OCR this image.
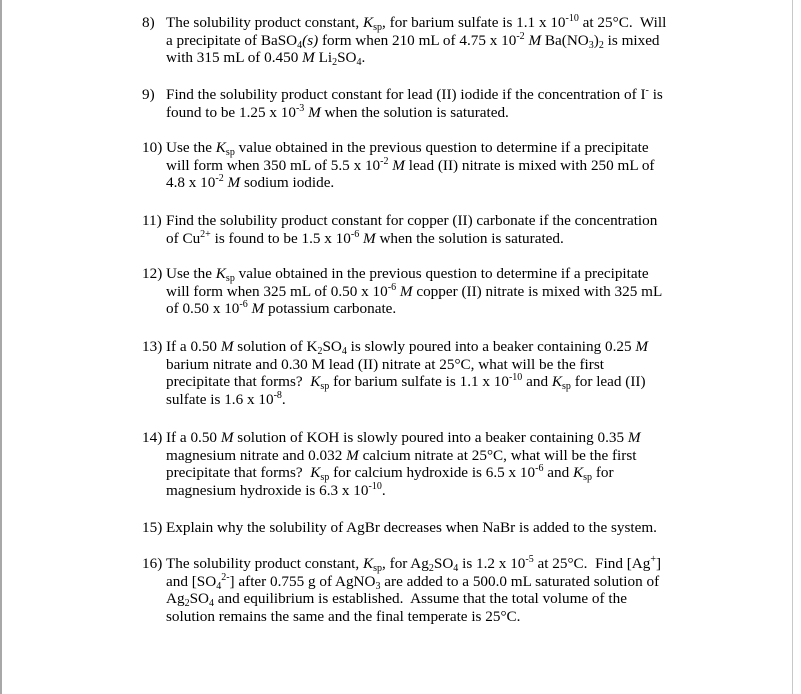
8) The solubility product constant, $K_{sp}$, for barium sulfate is 1.1 x $10^{-10}$ at 25°C.  Will
a precipitate of BaSO$_4$(s) form when 210 mL of 4.75 x $10^{-2}$ M $Ba(NO_3)_2$ is mixed
with 315 mL of 0.450 M $Li_2SO_4$.
9) Find the solubility product constant for lead (II) iodide if the concentration of I- is
found to be 1.25 x $10^{-3}$ M when the solution is saturated.
10) Use the $K_{sp}$ value obtained in the previous question to determine if a precipitate
will form when 350 mL of 5.5 x $10^{-2}$ M lead (II) nitrate is mixed with 250 mL of
4.8 x $10^{-2}$ M sodium iodide.
11) Find the solubility product constant for copper (II) carbonate if the concentration
of $Cu^{2+}$ is found to be 1.5 x $10^{-6}$ M when the solution is saturated.
12) Use the $K_{sp}$ value obtained in the previous question to determine if a precipitate
will form when 325 mL of 0.50 x $10^{-6}$ M copper (II) nitrate is mixed with 325 mL
of 0.50 x $10^{-6}$ M potassium carbonate.
13) If a 0.50 M solution of $K_2SO_4$ is slowly poured into a beaker containing 0.25 M
barium nitrate and 0.30 M lead (II) nitrate at 25°C, what will be the first
precipitate that forms?  $K_{sp}$ for barium sulfate is 1.1 x $10^{-10}$ and $K_{sp}$ for lead (II)
sulfate is 1.6 x $10^{-8}$.
14) If a 0.50 M solution of KOH is slowly poured into a beaker containing 0.35 M
magnesium nitrate and 0.032 M calcium nitrate at 25°C, what will be the first
precipitate that forms?  $K_{sp}$ for calcium hydroxide is 6.5 x $10^{-6}$ and $K_{sp}$ for
magnesium hydroxide is 6.3 x $10^{-10}$.
15) Explain why the solubility of AgBr decreases when NaBr is added to the system.
16) The solubility product constant, $K_{sp}$, for $Ag_2SO_4$ is 1.2 x $10^{-5}$ at 25°C.  Find [Ag+]
and $[SO_4^{2-}]$ after 0.755 g of AgNO$_3$ are added to a 500.0 mL saturated solution of
$Ag_2SO_4$ and equilibrium is established.  Assume that the total volume of the
solution remains the same and the final temperate is 25°C.
